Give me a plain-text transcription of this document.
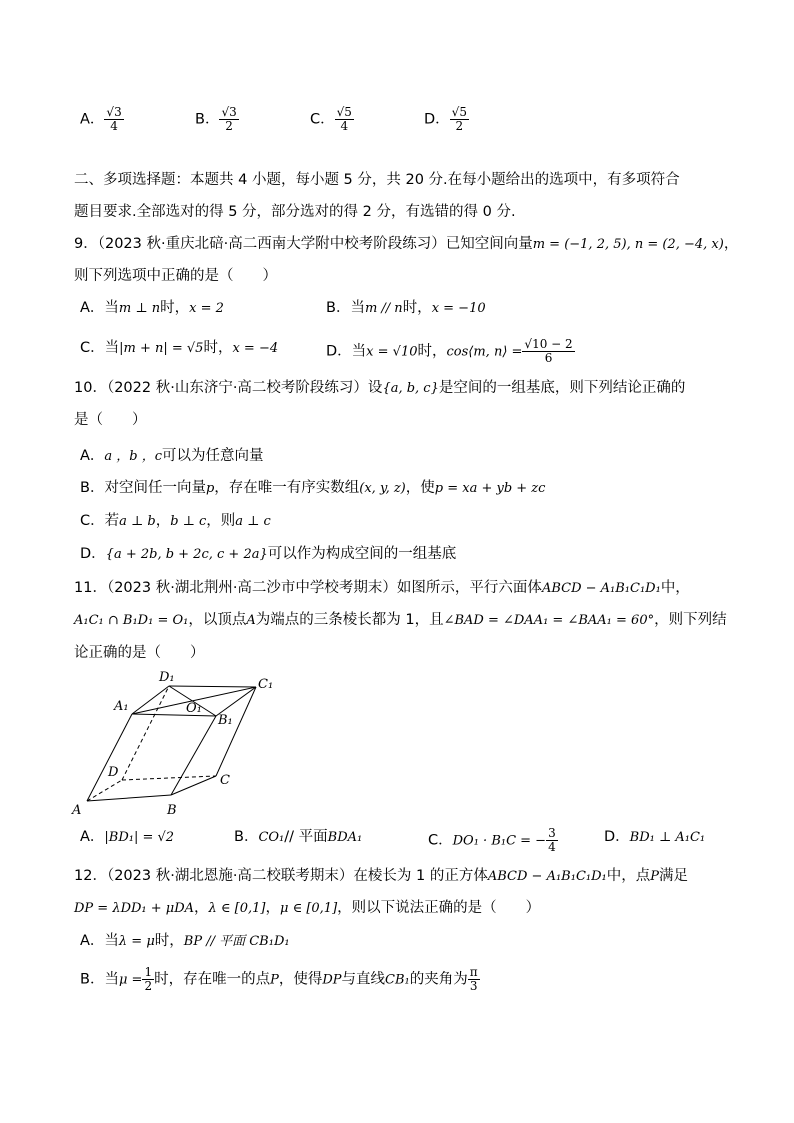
A． $\frac{√3}{4}$	B． $\frac{√3}{2}$	C． $\frac{√5}{4}$	D． $\frac{√5}{2}$
二、多项选择题：本题共 4 小题，每小题 5 分，共 20 分.在每小题给出的选项中，有多项符合
题目要求.全部选对的得 5 分，部分选对的得 2 分，有选错的得 0 分.
9．（2023 秋·重庆北碚·高二西南大学附中校考阶段练习）已知空间向量m = (−1, 2, 5), n = (2, −4, x)，
则下列选项中正确的是（　　）
A．当m ⊥ n时，x = 2	B．当m // n时，x = −10
C．当|m + n| = √5时，x = −4	D．当x = √10时，cos⟨m, n⟩ = $\frac{√10 - 2}{6}$
10．（2022 秋·山东济宁·高二校考阶段练习）设{a, b, c}是空间的一组基底，则下列结论正确的
是（　　）
A．a ，b ，c可以为任意向量
B．对空间任一向量p，存在唯一有序实数组(x, y, z)，使p = xa + yb + zc
C．若a ⊥ b，b ⊥ c，则a ⊥ c
D．{a + 2b, b + 2c, c + 2a}可以作为构成空间的一组基底
11．（2023 秋·湖北荆州·高二沙市中学校考期末）如图所示，平行六面体ABCD − A₁B₁C₁D₁中，
A₁C₁ ∩ B₁D₁ = O₁，以顶点A为端点的三条棱长都为 1，且∠BAD = ∠DAA₁ = ∠BAA₁ = 60°，则下列结
论正确的是（　　）
A	B
C
D
A₁
B₁
C₁
D₁
O₁
A．|BD₁| = √2	B．CO₁// 平面BDA₁	C．DO₁ · B₁C = − $\frac{3}{4}$	D．BD₁ ⊥ A₁C₁
12．（2023 秋·湖北恩施·高二校联考期末）在棱长为 1 的正方体ABCD − A₁B₁C₁D₁中，点P满足
DP = λDD₁ + μDA，λ ∈ [0,1]，μ ∈ [0,1]，则以下说法正确的是（　　）
A．当λ = μ时，BP // 平面 CB₁D₁
B．当$\mu = \frac{1}{2}$ 时，存在唯一的点P，使得DP与直线CB₁的夹角为 $\frac{\pi}{3}$
